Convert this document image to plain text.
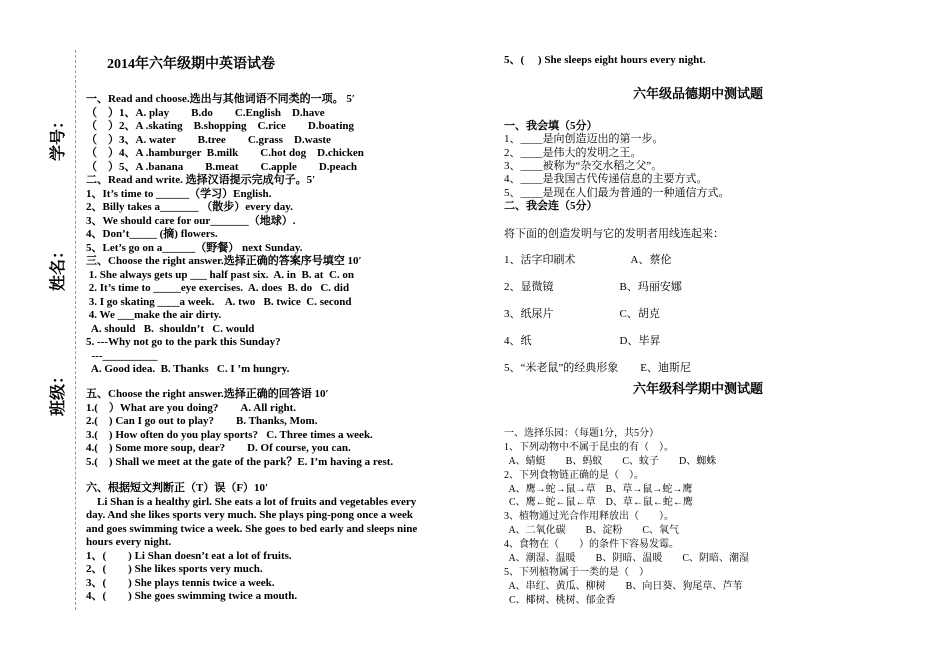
学号：
姓名：
班级：
2014年六年级期中英语试卷
一、Read and choose.选出与其他词语不同类的一项。 5′
（　）1、A. play　　B.do　　C.English　D.have
（　）2、A .skating　B.shopping　C.rice　　D.boating
（　）3、A. water　　B.tree　　C.grass　D.waste
（　）4、A .hamburger  B.milk　　C.hot dog　D.chicken
（　）5、A .banana　　B.meat　　C.apple　　D.peach
二、Read and write. 选择汉语提示完成句子。5′
1、It’s time to ______（学习）English.
2、Billy takes a_______ （散步）every day.
3、We should care for our_______（地球）.
4、Don’t_____ (摘) flowers.
5、Let’s go on a______（野餐） next Sunday.
三、Choose the right answer.选择正确的答案序号填空 10′
1. She always gets up ___ half past six.  A. in  B. at  C. on
2. It’s time to _____eye exercises.  A. does  B. do   C. did
3. I go skating ____a week.    A. two   B. twice  C. second
4. We ___make the air dirty.
A. should   B.  shouldn’t   C. would
5. ---Why not go to the park this Sunday?
---__________
A. Good idea.  B. Thanks   C. I ’m hungry.
五、Choose the right answer.选择正确的回答语 10′
1.(　）What are you doing?　　A. All right.
2.(　) Can I go out to play?　　B. Thanks, Mom.
3.(　) How often do you play sports?   C. Three times a week.
4.(　) Some more soup, dear?　　D. Of course, you can.
5.(　) Shall we meet at the gate of the park？E. I’m having a rest.
六、根据短文判断正（T）误（F）10′
Li Shan is a healthy girl. She eats a lot of fruits and vegetables every
day. And she likes sports very much. She plays ping-pong once a week
and goes swimming twice a week. She goes to bed early and sleeps nine
hours every night.
1、(　　) Li Shan doesn’t eat a lot of fruits.
2、(　　) She likes sports very much.
3、(　　) She plays tennis twice a week.
4、(　　) She goes swimming twice a mouth.
5、(　 ) She sleeps eight hours every night.
六年级品德期中测试题
一、我会填（5分）
1、____是向创造迈出的第一步。
2、____是伟大的发明之王。
3、____被称为“杂交水稻之父”。
4、____是我国古代传递信息的主要方式。
5、____是现在人们最为普通的一种通信方式。
二、我会连（5分）
将下面的创造发明与它的发明者用线连起来：
1、活字印刷术　　　　　A、蔡伦
2、显微镜　　　　　　B、玛丽安娜
3、纸尿片　　　　　　C、胡克
4、纸　　　　　　　　D、毕昇
5、“米老鼠”的经典形象　　E、迪斯尼
六年级科学期中测试题
一、选择乐园：（每题1分，共5分）
1、下列动物中不属于昆虫的有（　）。
A、蜻蜓　　B、蚂蚁　　C、蚊子　　D、蜘蛛
2、下列食物链正确的是（　）。
A、鹰→蛇→鼠→草　B、草→鼠→蛇→鹰
C、鹰←蛇←鼠←草　D、草←鼠←蛇←鹰
3、植物通过光合作用释放出（　　）。
A、二氧化碳　　B、淀粉　　C、氧气
4、食物在（　　）的条件下容易发霉。
A、潮湿、温暖　　B、阴暗、温暖　　C、阴暗、潮湿
5、下列植物属于一类的是（　）
A、串红、黄瓜、柳树　　B、向日葵、狗尾草、芦苇
C、椰树、桃树、郁金香
